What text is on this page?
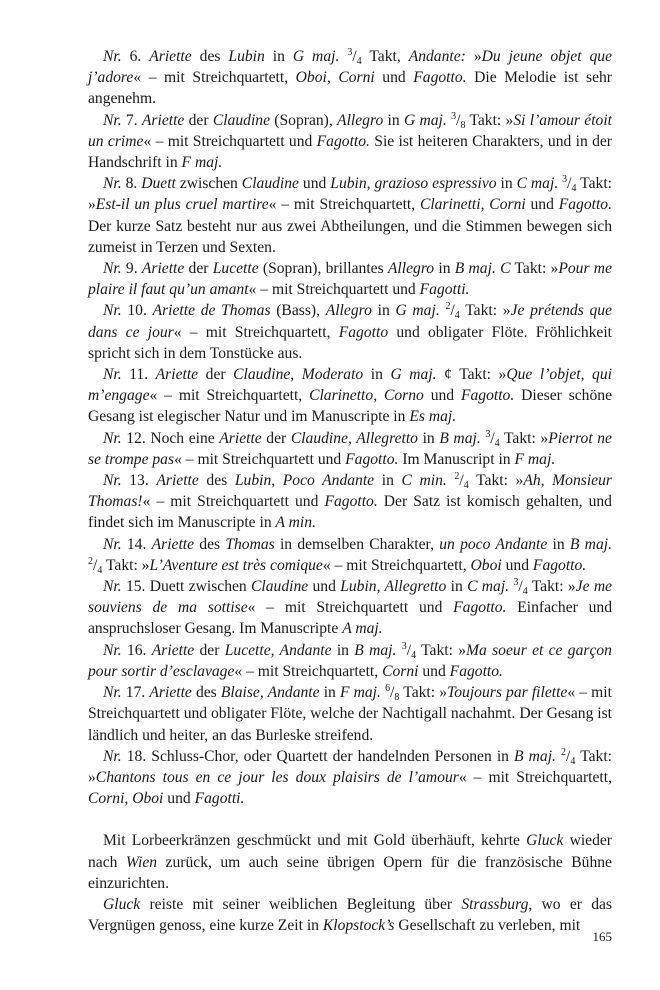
Nr. 6. Ariette des Lubin in G maj. $^3$/4 Takt, Andante: »Du jeune objet que j’adore« – mit Streichquartett, Oboi, Corni und Fagotto. Die Melodie ist sehr angenehm.

Nr. 7. Ariette der Claudine (Sopran), Allegro in G maj. $^3$/8 Takt: »Si l’amour étoit un crime« – mit Streichquartett und Fagotto. Sie ist heiteren Charakters, und in der Handschrift in F maj.

Nr. 8. Duett zwischen Claudine und Lubin, grazioso espressivo in C maj. $^3$/4 Takt: »Est-il un plus cruel martire« – mit Streichquartett, Clarinetti, Corni und Fagotto. Der kurze Satz besteht nur aus zwei Abtheilungen, und die Stimmen bewegen sich zumeist in Terzen und Sexten.

Nr. 9. Ariette der Lucette (Sopran), brillantes Allegro in B maj. C Takt: »Pour me plaire il faut qu’un amant« – mit Streichquartett und Fagotti.

Nr. 10. Ariette de Thomas (Bass), Allegro in G maj. $^2$/4 Takt: »Je prétends que dans ce jour« – mit Streichquartett, Fagotto und obligater Flöte. Fröhlichkeit spricht sich in dem Tonstücke aus.

Nr. 11. Ariette der Claudine, Moderato in G maj. ¢ Takt: »Que l’objet, qui m’engage« – mit Streichquartett, Clarinetto, Corno und Fagotto. Dieser schöne Gesang ist elegischer Natur und im Manuscripte in Es maj.

Nr. 12. Noch eine Ariette der Claudine, Allegretto in B maj. $^3$/4 Takt: »Pierrot ne se trompe pas« – mit Streichquartett und Fagotto. Im Manuscript in F maj.

Nr. 13. Ariette des Lubin, Poco Andante in C min. $^2$/4 Takt: »Ah, Monsieur Thomas!« – mit Streichquartett und Fagotto. Der Satz ist komisch gehalten, und findet sich im Manuscripte in A min.

Nr. 14. Ariette des Thomas in demselben Charakter, un poco Andante in B maj. $^2$/4 Takt: »L’Aventure est très comique« – mit Streichquartett, Oboi und Fagotto.

Nr. 15. Duett zwischen Claudine und Lubin, Allegretto in C maj. $^3$/4 Takt: »Je me souviens de ma sottise« – mit Streichquartett und Fagotto. Einfacher und anspruchsloser Gesang. Im Manuscripte A maj.

Nr. 16. Ariette der Lucette, Andante in B maj. $^3$/4 Takt: »Ma soeur et ce garçon pour sortir d’esclavage« – mit Streichquartett, Corni und Fagotto.

Nr. 17. Ariette des Blaise, Andante in F maj. $^6$/8 Takt: »Toujours par filette« – mit Streichquartett und obligater Flöte, welche der Nachtigall nachahmt. Der Gesang ist ländlich und heiter, an das Burleske streifend.

Nr. 18. Schluss-Chor, oder Quartett der handelnden Personen in B maj. $^2$/4 Takt: »Chantons tous en ce jour les doux plaisirs de l’amour« – mit Streichquartett, Corni, Oboi und Fagotti.

Mit Lorbeerkränzen geschmückt und mit Gold überhäuft, kehrte Gluck wieder nach Wien zurück, um auch seine übrigen Opern für die französische Bühne einzurichten.

Gluck reiste mit seiner weiblichen Begleitung über Strassburg, wo er das Vergnügen genoss, eine kurze Zeit in Klopstock’s Gesellschaft zu verleben, mit

165
